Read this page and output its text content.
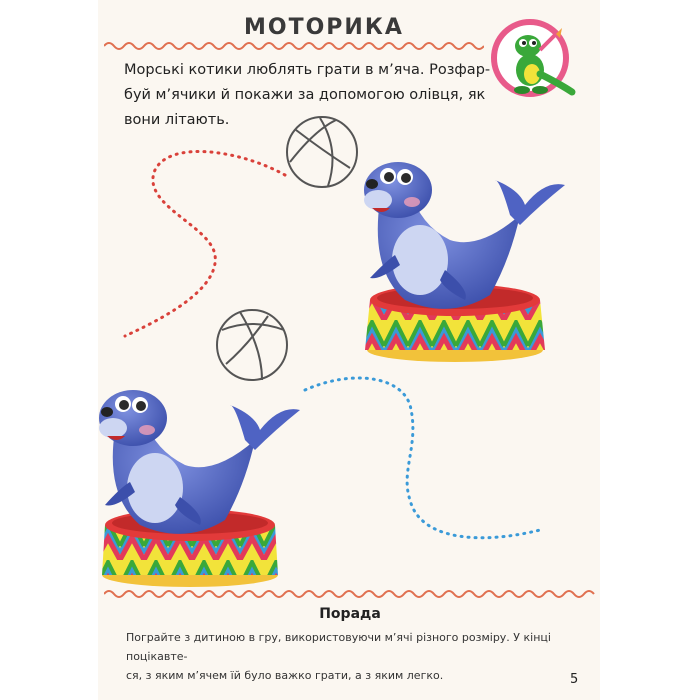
МОТОРИКА

Морські котики люблять грати в м’яча. Розфар-
буй м’ячики й покажи за допомогою олівця, як
вони літають.

Порада

Пограйте з дитиною в гру, використовуючи м’ячі різного розміру. У кінці поцікавте-
ся, з яким м’ячем їй було важко грати, а з яким легко.	5
